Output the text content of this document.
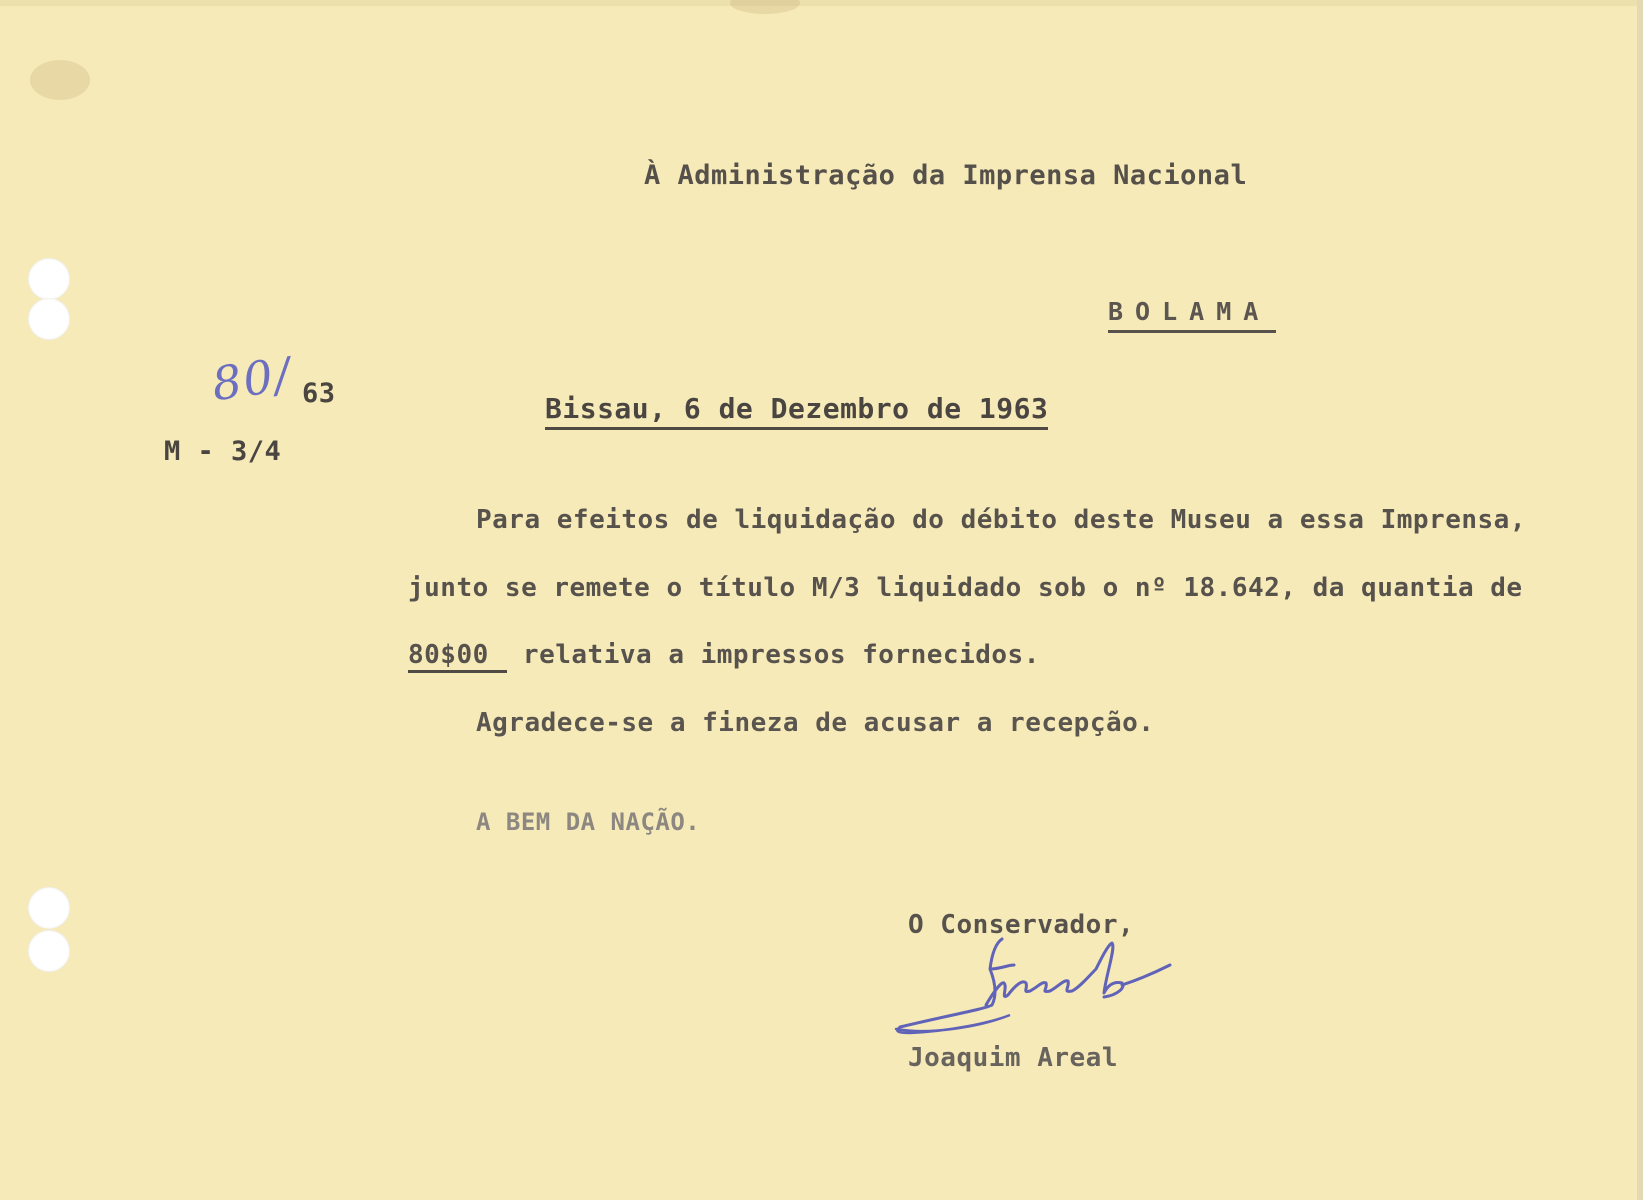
À Administração da Imprensa Nacional
BOLAMA
80/ 63
M - 3/4
Bissau, 6 de Dezembro de 1963
Para efeitos de liquidação do débito deste Museu a essa Imprensa,
junto se remete o título M/3 liquidado sob o nº 18.642, da quantia de
80$00 relativa a impressos fornecidos.
Agradece-se a fineza de acusar a recepção.
A BEM DA NAÇÃO.
O Conservador,
Joaquim Areal
